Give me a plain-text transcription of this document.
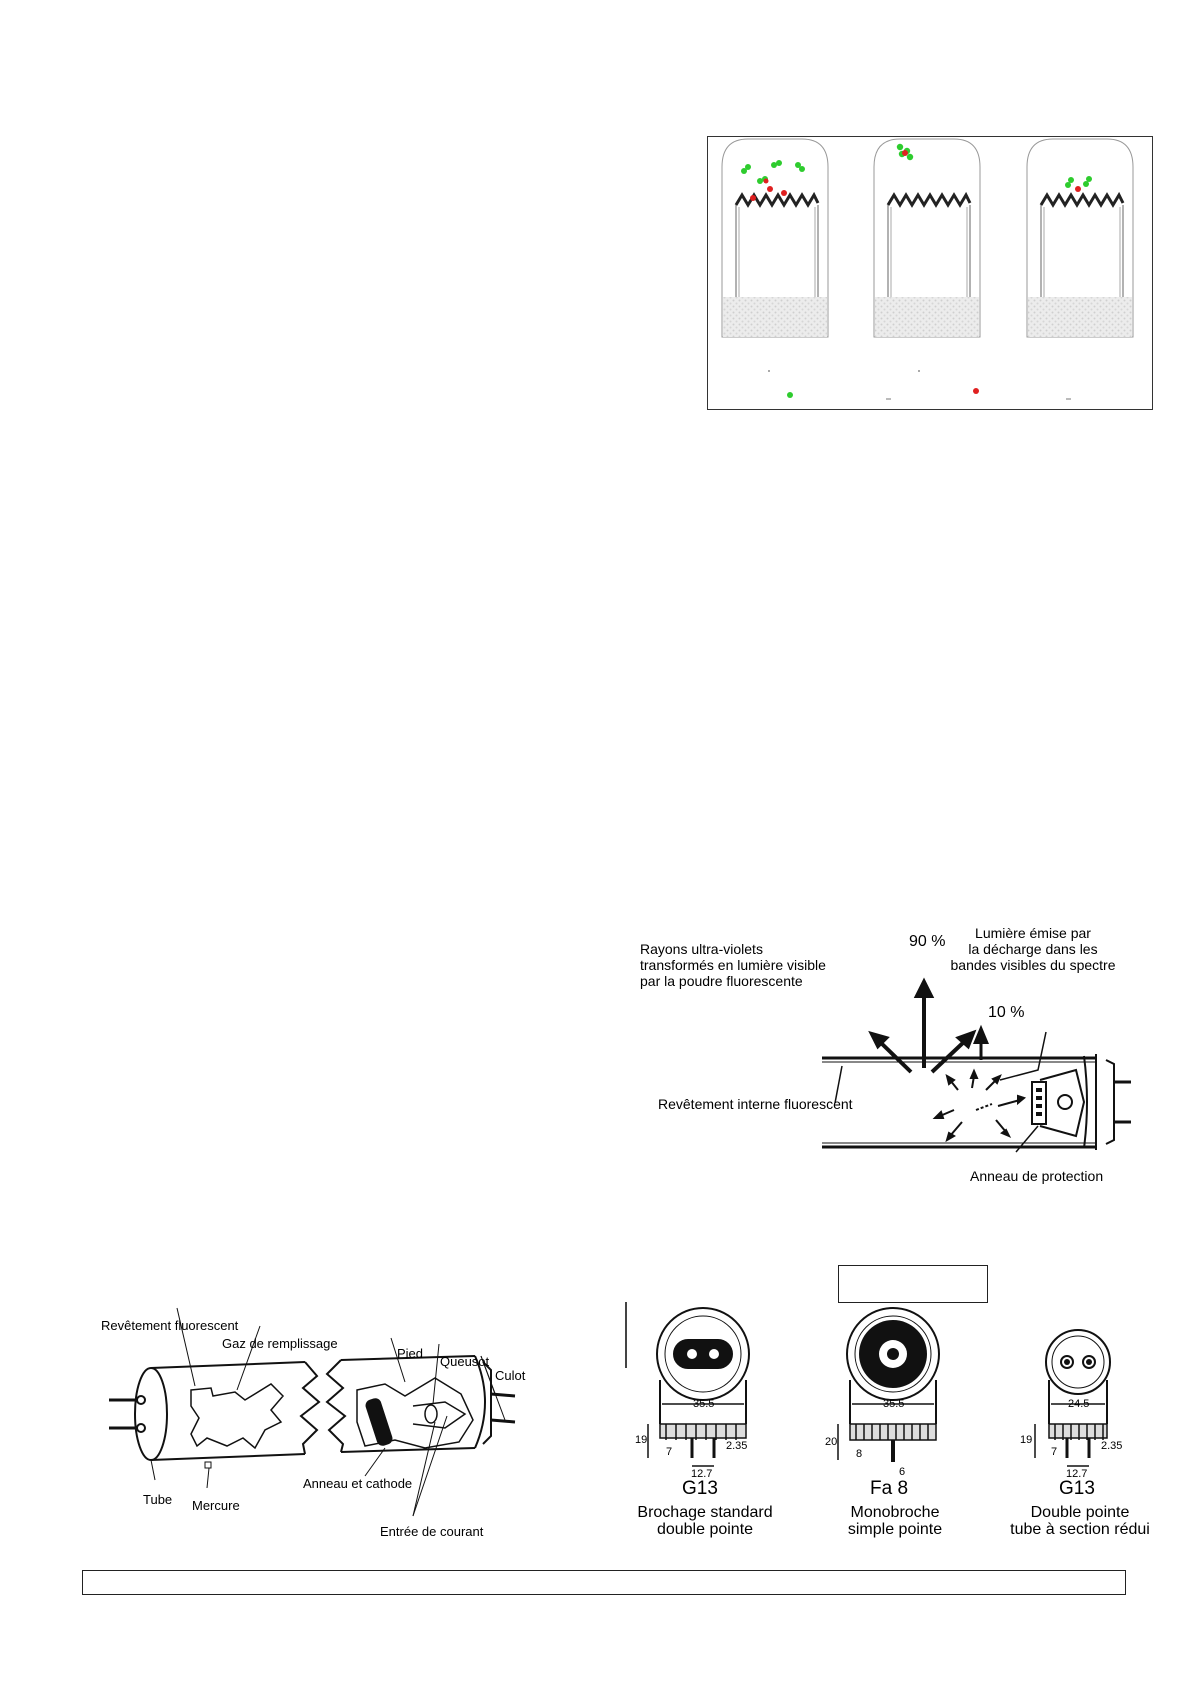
Rayons ultra-violets
transformés en lumière visible
par la poudre fluorescente
90 %	Lumière émise par
la décharge dans les
bandes visibles du spectre
10 %
Revêtement interne fluorescent
Anneau de protection
Revêtement fluorescent
Gaz de remplissage
Pied
Queusot
Culot
Tube Mercure
Anneau et cathode
Entrée de courant
35.5
19
7	2.35
12.7
G13
Brochage standard
double pointe
35.5
20
8
6
Fa 8
Monobroche
simple pointe
24.5
19
7	2.35
12.7
G13
Double pointe
tube à section rédui
